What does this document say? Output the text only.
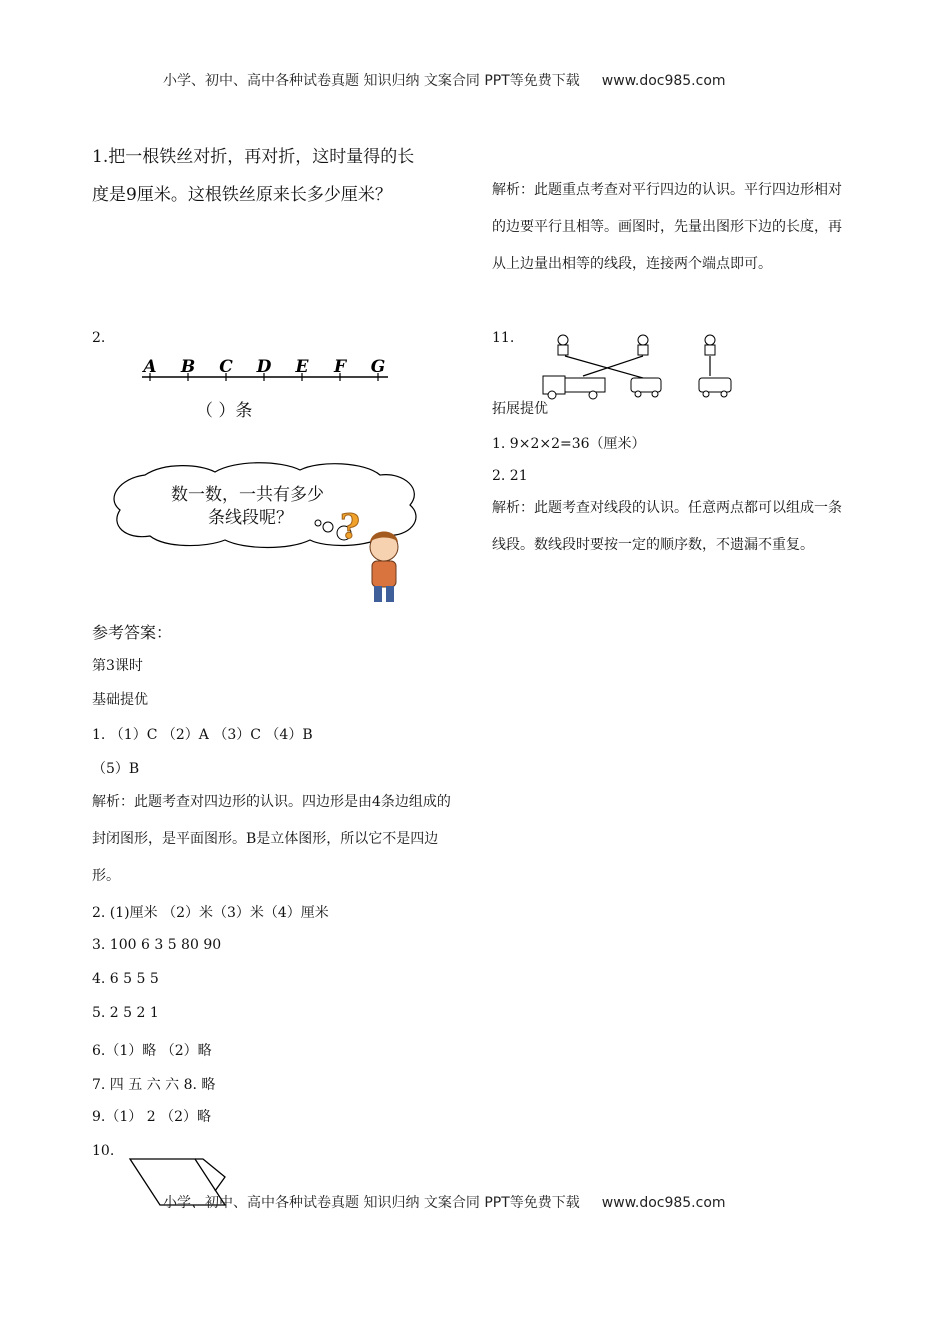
小学、初中、高中各种试卷真题 知识归纳 文案合同 PPT等免费下载 www.doc985.com
1.把一根铁丝对折，再对折，这时量得的长
度是9厘米。这根铁丝原来长多少厘米？
2.
A B C D E F G
（ ）条
数一数，一共有多少
条线段呢？ ?
参考答案：
第3课时
基础提优
1. （1）C （2）A （3）C （4）B
（5）B
解析：此题考查对四边形的认识。四边形是由4条边组成的封闭图形，是平面图形。B是立体图形，所以它不是四边形。
2. (1)厘米 （2）米（3）米（4）厘米
3. 100 6 3 5 80 90
4. 6 5 5 5
5. 2 5 2 1
6.（1）略 （2）略
7. 四 五 六 六 8. 略
9.（1） 2 （2）略
10.
解析：此题重点考查对平行四边的认识。平行四边形相对的边要平行且相等。画图时，先量出图形下边的长度，再从上边量出相等的线段，连接两个端点即可。
11.
拓展提优
1. 9×2×2=36（厘米）
2. 21
解析：此题考查对线段的认识。任意两点都可以组成一条线段。数线段时要按一定的顺序数，不遗漏不重复。
小学、初中、高中各种试卷真题 知识归纳 文案合同 PPT等免费下载 www.doc985.com
